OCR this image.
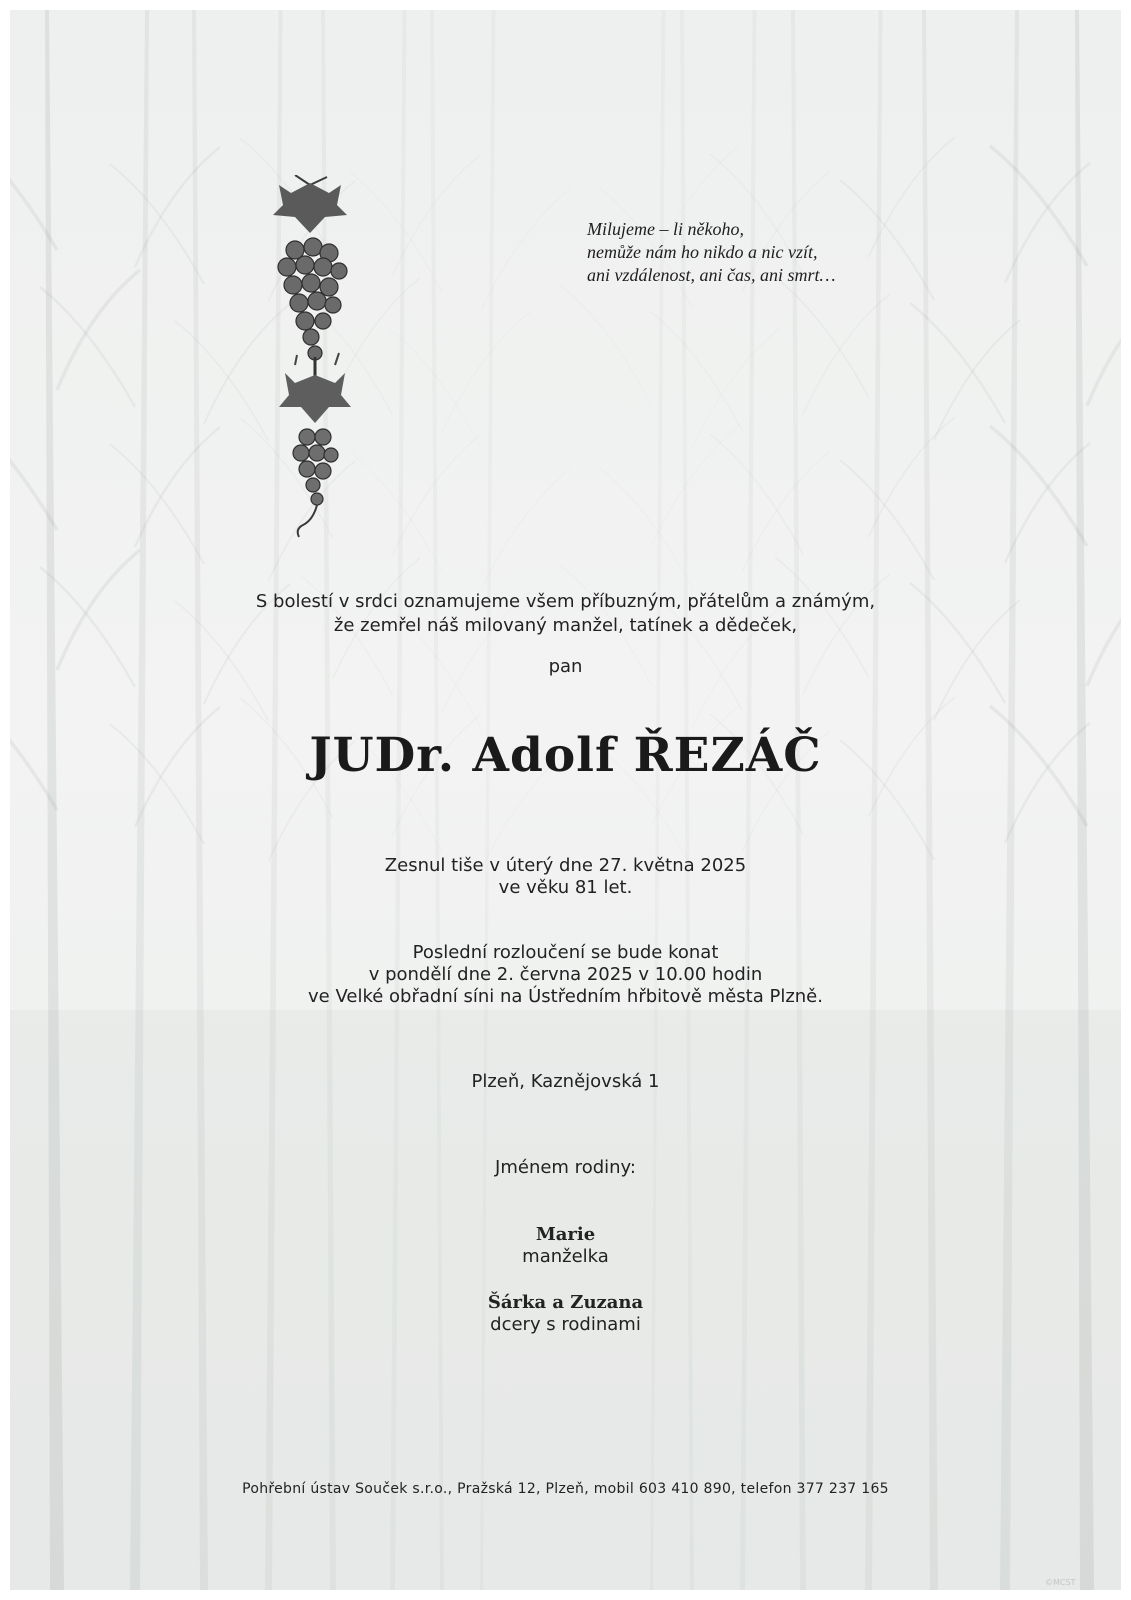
Milujeme – li někoho,
nemůže nám ho nikdo a nic vzít,
ani vzdálenost, ani čas, ani smrt…
S bolestí v srdci oznamujeme všem příbuzným, přátelům a známým,
že zemřel náš milovaný manžel, tatínek a dědeček,
pan
JUDr. Adolf ŘEZÁČ
Zesnul tiše v úterý dne 27. května 2025
ve věku 81 let.
Poslední rozloučení se bude konat
v pondělí dne 2. června 2025 v 10.00 hodin
ve Velké obřadní síni na Ústředním hřbitově města Plzně.
Plzeň, Kaznějovská 1
Jménem rodiny:
Marie
manželka
Šárka a Zuzana
dcery s rodinami
Pohřební ústav Souček s.r.o., Pražská 12, Plzeň, mobil 603 410 890, telefon 377 237 165
©MCST
